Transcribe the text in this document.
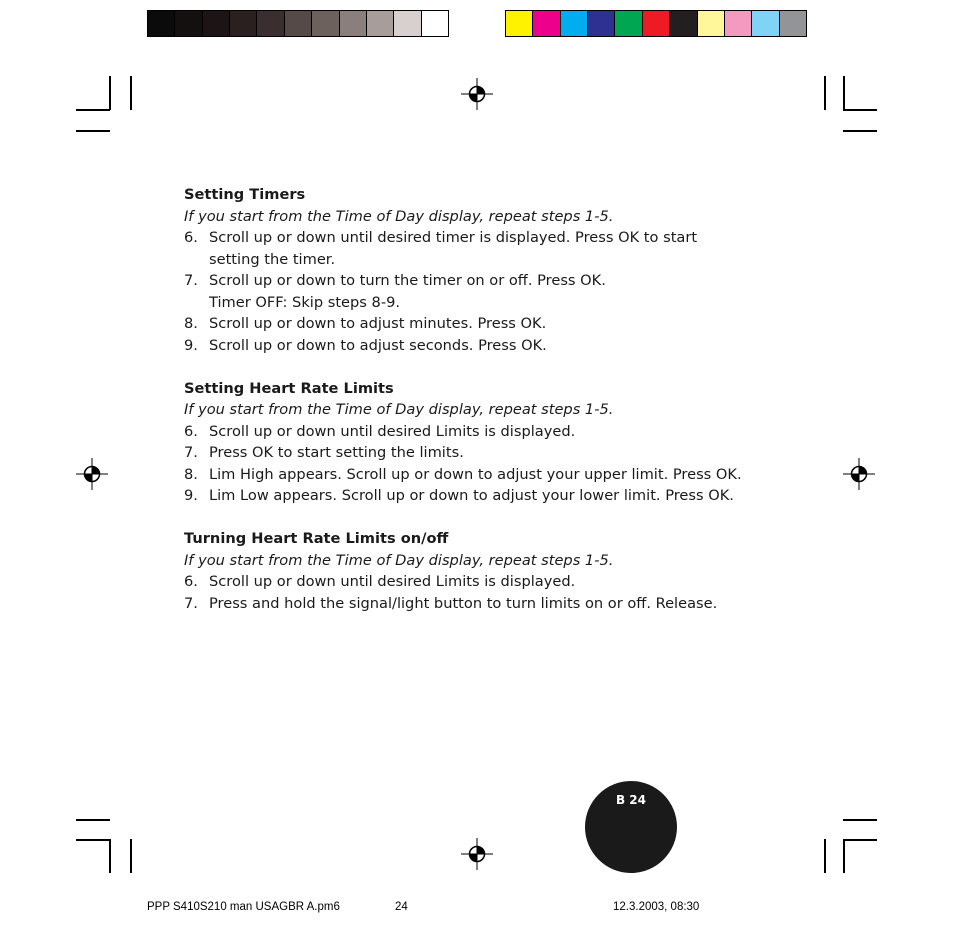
Setting Timers
If you start from the Time of Day display, repeat steps 1-5.
6. Scroll up or down until desired timer is displayed. Press OK to start
setting the timer.
7. Scroll up or down to turn the timer on or off. Press OK.
Timer OFF: Skip steps 8-9.
8. Scroll up or down to adjust minutes. Press OK.
9. Scroll up or down to adjust seconds. Press OK.
Setting Heart Rate Limits
If you start from the Time of Day display, repeat steps 1-5.
6. Scroll up or down until desired Limits is displayed.
7. Press OK to start setting the limits.
8. Lim High appears. Scroll up or down to adjust your upper limit. Press OK.
9. Lim Low appears. Scroll up or down to adjust your lower limit. Press OK.
Turning Heart Rate Limits on/off
If you start from the Time of Day display, repeat steps 1-5.
6. Scroll up or down until desired Limits is displayed.
7. Press and hold the signal/light button to turn limits on or off. Release.
B 24
PPP S410S210 man USAGBR A.pm6	24	12.3.2003, 08:30
